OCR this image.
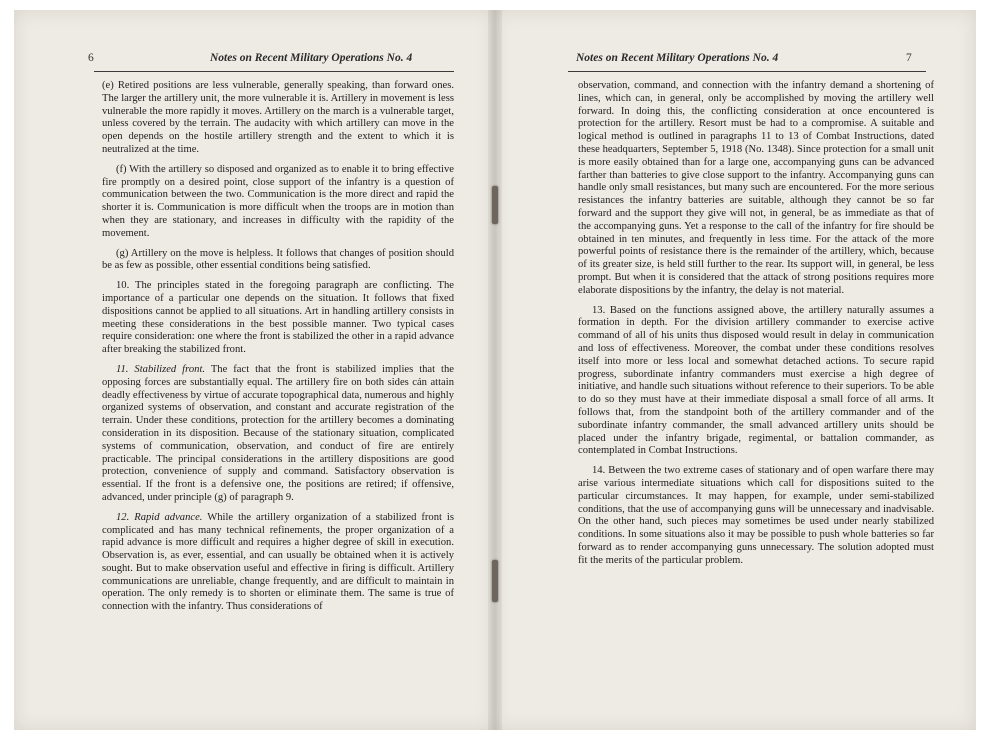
6	Notes on Recent Military Operations No. 4

(e) Retired positions are less vulnerable, generally speaking, than forward ones. The larger the artillery unit, the more vulnerable it is. Artillery in movement is less vulnerable the more rapidly it moves. Artillery on the march is a vulnerable target, unless covered by the terrain. The audacity with which artillery can move in the open depends on the hostile artillery strength and the extent to which it is neutralized at the time.

(f) With the artillery so disposed and organized as to enable it to bring effective fire promptly on a desired point, close support of the infantry is a question of communication between the two. Communication is the more direct and rapid the shorter it is. Communication is more difficult when the troops are in motion than when they are stationary, and increases in difficulty with the rapidity of the movement.

(g) Artillery on the move is helpless. It follows that changes of position should be as few as possible, other essential conditions being satisfied.

10. The principles stated in the foregoing paragraph are conflicting. The importance of a particular one depends on the situation. It follows that fixed dispositions cannot be applied to all situations. Art in handling artillery consists in meeting these considerations in the best possible manner. Two typical cases require consideration: one where the front is stabilized the other in a rapid advance after breaking the stabilized front.

11. Stabilized front. The fact that the front is stabilized implies that the opposing forces are substantially equal. The artillery fire on both sides cán attain deadly effectiveness by virtue of accurate topographical data, numerous and highly organized systems of observation, and constant and accurate registration of the terrain. Under these conditions, protection for the artillery becomes a dominating consideration in its disposition. Because of the stationary situation, complicated systems of communication, observation, and conduct of fire are entirely practicable. The principal considerations in the artillery dispositions are good protection, convenience of supply and command. Satisfactory observation is essential. If the front is a defensive one, the positions are retired; if offensive, advanced, under principle (g) of paragraph 9.

12. Rapid advance. While the artillery organization of a stabilized front is complicated and has many technical refinements, the proper organization of a rapid advance is more difficult and requires a higher degree of skill in execution. Observation is, as ever, essential, and can usually be obtained when it is actively sought. But to make observation useful and effective in firing is difficult. Artillery communications are unreliable, change frequently, and are difficult to maintain in operation. The only remedy is to shorten or eliminate them. The same is true of connection with the infantry. Thus considerations of

Notes on Recent Military Operations No. 4	7

observation, command, and connection with the infantry demand a shortening of lines, which can, in general, only be accomplished by moving the artillery well forward. In doing this, the conflicting consideration at once encountered is protection for the artillery. Resort must be had to a compromise. A suitable and logical method is outlined in paragraphs 11 to 13 of Combat Instructions, dated these headquarters, September 5, 1918 (No. 1348). Since protection for a small unit is more easily obtained than for a large one, accompanying guns can be advanced farther than batteries to give close support to the infantry. Accompanying guns can handle only small resistances, but many such are encountered. For the more serious resistances the infantry batteries are suitable, although they cannot be so far forward and the support they give will not, in general, be as immediate as that of the accompanying guns. Yet a response to the call of the infantry for fire should be obtained in ten minutes, and frequently in less time. For the attack of the more powerful points of resistance there is the remainder of the artillery, which, because of its greater size, is held still further to the rear. Its support will, in general, be less prompt. But when it is considered that the attack of strong positions requires more elaborate dispositions by the infantry, the delay is not material.

13. Based on the functions assigned above, the artillery naturally assumes a formation in depth. For the division artillery commander to exercise active command of all of his units thus disposed would result in delay in communication and loss of effectiveness. Moreover, the combat under these conditions resolves itself into more or less local and somewhat detached actions. To secure rapid progress, subordinate infantry commanders must exercise a high degree of initiative, and handle such situations without reference to their superiors. To be able to do so they must have at their immediate disposal a small force of all arms. It follows that, from the standpoint both of the artillery commander and of the subordinate infantry commander, the small advanced artillery units should be placed under the infantry brigade, regimental, or battalion commander, as contemplated in Combat Instructions.

14. Between the two extreme cases of stationary and of open warfare there may arise various intermediate situations which call for dispositions suited to the particular circumstances. It may happen, for example, under semi-stabilized conditions, that the use of accompanying guns will be unnecessary and inadvisable. On the other hand, such pieces may sometimes be used under nearly stabilized conditions. In some situations also it may be possible to push whole batteries so far forward as to render accompanying guns unnecessary. The solution adopted must fit the merits of the particular problem.
